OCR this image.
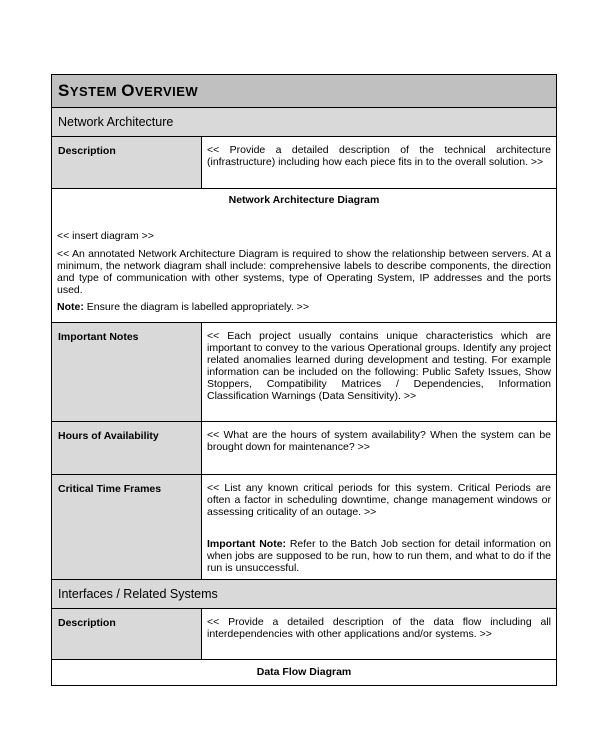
SYSTEM OVERVIEW	

Network Architecture	

Description	<< Provide a detailed description of the technical architecture (infrastructure) including how each piece fits in to the overall solution. >>

Network Architecture Diagram

<< insert diagram >>

<< An annotated Network Architecture Diagram is required to show the relationship between servers. At a minimum, the network diagram shall include: comprehensive labels to describe components, the direction and type of communication with other systems, type of Operating System, IP addresses and the ports used.

Note: Ensure the diagram is labelled appropriately. >>	

Important Notes	<< Each project usually contains unique characteristics which are important to convey to the various Operational groups. Identify any project related anomalies learned during development and testing. For example information can be included on the following: Public Safety Issues, Show Stoppers, Compatibility Matrices / Dependencies, Information Classification Warnings (Data Sensitivity). >>

Hours of Availability	<< What are the hours of system availability? When the system can be brought down for maintenance? >>

Critical Time Frames	<< List any known critical periods for this system. Critical Periods are often a factor in scheduling downtime, change management windows or assessing criticality of an outage. >>

Important Note: Refer to the Batch Job section for detail information on when jobs are supposed to be run, how to run them, and what to do if the run is unsuccessful.

Interfaces / Related Systems	

Description	<< Provide a detailed description of the data flow including all interdependencies with other applications and/or systems. >>

Data Flow Diagram	
